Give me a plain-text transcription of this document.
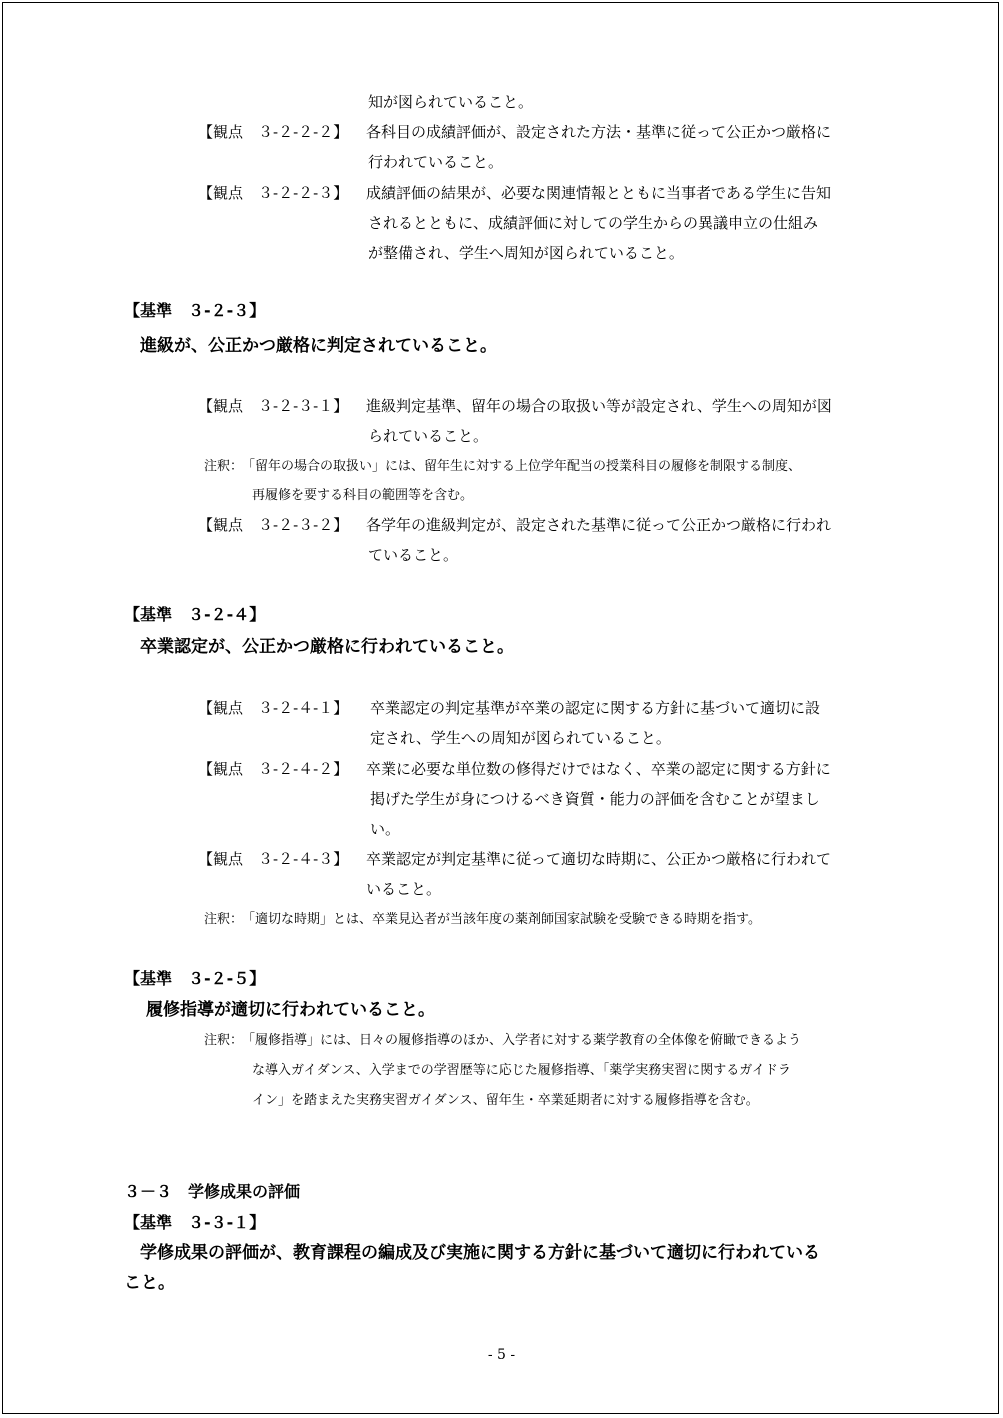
知が図られていること。
【観点　３-２-２-２】 各科目の成績評価が、設定された方法・基準に従って公正かつ厳格に
行われていること。
【観点　３-２-２-３】 成績評価の結果が、必要な関連情報とともに当事者である学生に告知
されるとともに、成績評価に対しての学生からの異議申立の仕組み
が整備され、学生へ周知が図られていること。
【基準　３-２-３】
進級が、公正かつ厳格に判定されていること。
【観点　３-２-３-１】 進級判定基準、留年の場合の取扱い等が設定され、学生への周知が図
られていること。
注釈：
「留年の場合の取扱い」には、留年生に対する上位学年配当の授業科目の履修を制限する制度、
再履修を要する科目の範囲等を含む。
【観点　３-２-３-２】 各学年の進級判定が、設定された基準に従って公正かつ厳格に行われ
ていること。
【基準　３-２-４】
卒業認定が、公正かつ厳格に行われていること。
【観点　３-２-４-１】 卒業認定の判定基準が卒業の認定に関する方針に基づいて適切に設
定され、学生への周知が図られていること。
【観点　３-２-４-２】 卒業に必要な単位数の修得だけではなく、卒業の認定に関する方針に
掲げた学生が身につけるべき資質・能力の評価を含むことが望まし
い。
【観点　３-２-４-３】 卒業認定が判定基準に従って適切な時期に、公正かつ厳格に行われて
いること。
注釈：
「適切な時期」とは、卒業見込者が当該年度の薬剤師国家試験を受験できる時期を指す。
【基準　３-２-５】
履修指導が適切に行われていること。
注釈：
「履修指導」には、日々の履修指導のほか、入学者に対する薬学教育の全体像を俯瞰できるよう
な導入ガイダンス、入学までの学習歴等に応じた履修指導、「薬学実務実習に関するガイドラ
イン」を踏まえた実務実習ガイダンス、留年生・卒業延期者に対する履修指導を含む。
３－３　学修成果の評価
【基準　３-３-１】
学修成果の評価が、教育課程の編成及び実施に関する方針に基づいて適切に行われている
こと。
- 5 -
